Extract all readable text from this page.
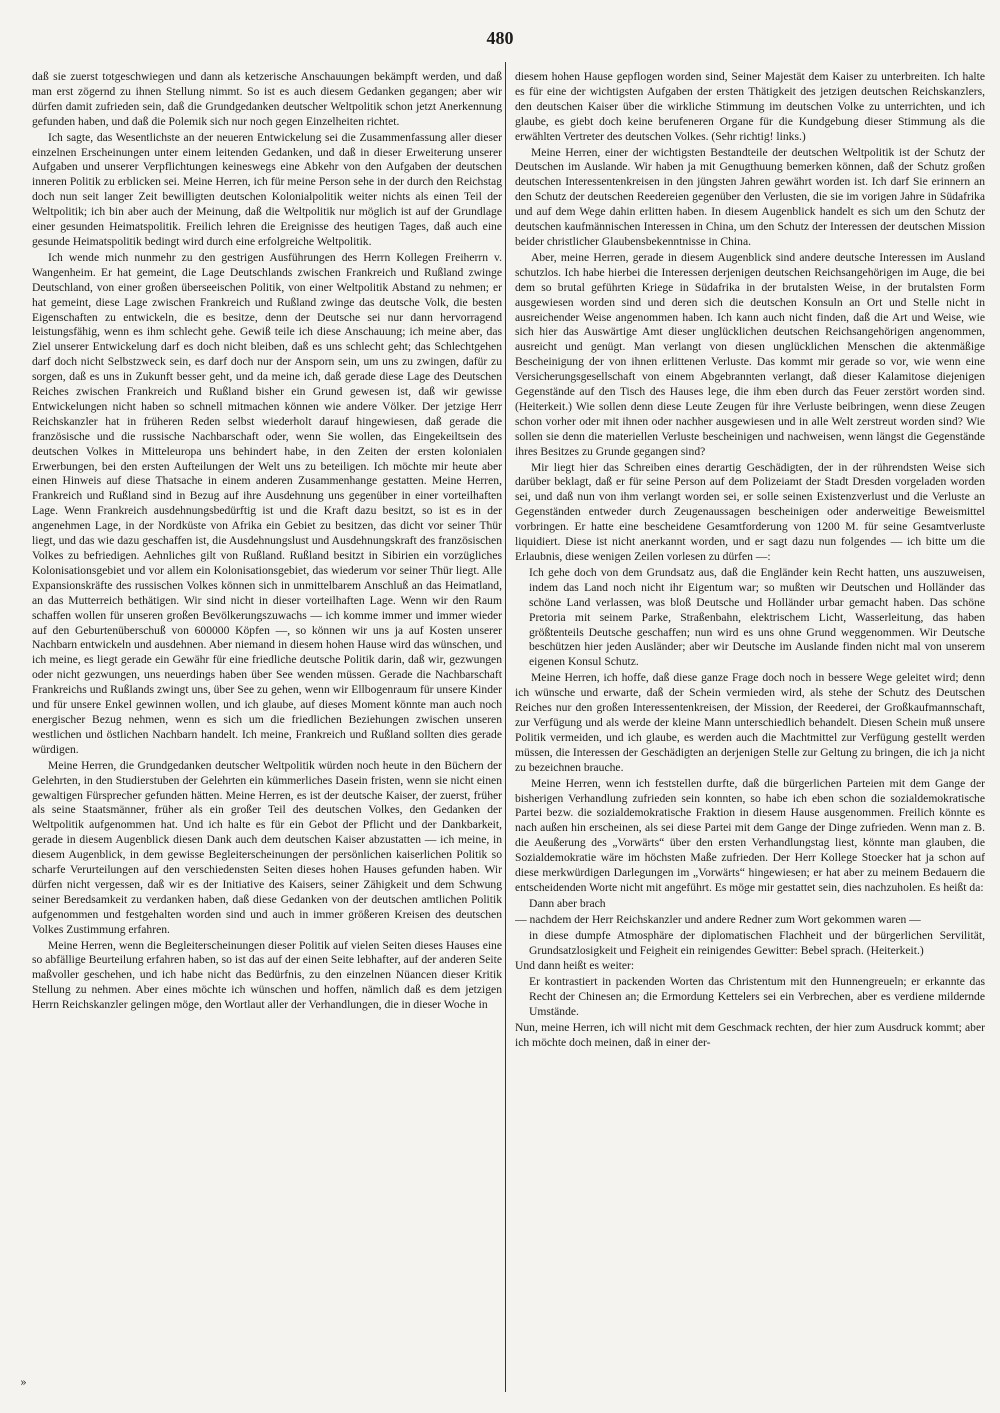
480

daß sie zuerst totgeschwiegen und dann als ketzerische Anschauungen bekämpft werden, und daß man erst zögernd zu ihnen Stellung nimmt. So ist es auch diesem Gedanken gegangen; aber wir dürfen damit zufrieden sein, daß die Grundgedanken deutscher Weltpolitik schon jetzt Anerkennung gefunden haben, und daß die Polemik sich nur noch gegen Einzelheiten richtet.

Ich sagte, das Wesentlichste an der neueren Entwickelung sei die Zusammenfassung aller dieser einzelnen Erscheinungen unter einem leitenden Gedanken, und daß in dieser Erweiterung unserer Aufgaben und unserer Verpflichtungen keineswegs eine Abkehr von den Aufgaben der deutschen inneren Politik zu erblicken sei. Meine Herren, ich für meine Person sehe in der durch den Reichstag doch nun seit langer Zeit bewilligten deutschen Kolonialpolitik weiter nichts als einen Teil der Weltpolitik; ich bin aber auch der Meinung, daß die Weltpolitik nur möglich ist auf der Grundlage einer gesunden Heimatspolitik. Freilich lehren die Ereignisse des heutigen Tages, daß auch eine gesunde Heimatspolitik bedingt wird durch eine erfolgreiche Weltpolitik.

Ich wende mich nunmehr zu den gestrigen Ausführungen des Herrn Kollegen Freiherrn v. Wangenheim. Er hat gemeint, die Lage Deutschlands zwischen Frankreich und Rußland zwinge Deutschland, von einer großen überseeischen Politik, von einer Weltpolitik Abstand zu nehmen; er hat gemeint, diese Lage zwischen Frankreich und Rußland zwinge das deutsche Volk, die besten Eigenschaften zu entwickeln, die es besitze, denn der Deutsche sei nur dann hervorragend leistungsfähig, wenn es ihm schlecht gehe. Gewiß teile ich diese Anschauung; ich meine aber, das Ziel unserer Entwickelung darf es doch nicht bleiben, daß es uns schlecht geht; das Schlechtgehen darf doch nicht Selbstzweck sein, es darf doch nur der Ansporn sein, um uns zu zwingen, dafür zu sorgen, daß es uns in Zukunft besser geht, und da meine ich, daß gerade diese Lage des Deutschen Reiches zwischen Frankreich und Rußland bisher ein Grund gewesen ist, daß wir gewisse Entwickelungen nicht haben so schnell mitmachen können wie andere Völker. Der jetzige Herr Reichskanzler hat in früheren Reden selbst wiederholt darauf hingewiesen, daß gerade die französische und die russische Nachbarschaft oder, wenn Sie wollen, das Eingekeiltsein des deutschen Volkes in Mitteleuropa uns behindert habe, in den Zeiten der ersten kolonialen Erwerbungen, bei den ersten Aufteilungen der Welt uns zu beteiligen. Ich möchte mir heute aber einen Hinweis auf diese Thatsache in einem anderen Zusammenhange gestatten. Meine Herren, Frankreich und Rußland sind in Bezug auf ihre Ausdehnung uns gegenüber in einer vorteilhaften Lage. Wenn Frankreich ausdehnungsbedürftig ist und die Kraft dazu besitzt, so ist es in der angenehmen Lage, in der Nordküste von Afrika ein Gebiet zu besitzen, das dicht vor seiner Thür liegt, und das wie dazu geschaffen ist, die Ausdehnungslust und Ausdehnungskraft des französischen Volkes zu befriedigen. Aehnliches gilt von Rußland. Rußland besitzt in Sibirien ein vorzügliches Kolonisationsgebiet und vor allem ein Kolonisationsgebiet, das wiederum vor seiner Thür liegt. Alle Expansionskräfte des russischen Volkes können sich in unmittelbarem Anschluß an das Heimatland, an das Mutterreich bethätigen. Wir sind nicht in dieser vorteilhaften Lage. Wenn wir den Raum schaffen wollen für unseren großen Bevölkerungszuwachs — ich komme immer und immer wieder auf den Geburtenüberschuß von 600000 Köpfen —, so können wir uns ja auf Kosten unserer Nachbarn entwickeln und ausdehnen. Aber niemand in diesem hohen Hause wird das wünschen, und ich meine, es liegt gerade ein Gewähr für eine friedliche deutsche Politik darin, daß wir, gezwungen oder nicht gezwungen, uns neuerdings haben über See wenden müssen. Gerade die Nachbarschaft Frankreichs und Rußlands zwingt uns, über See zu gehen, wenn wir Ellbogenraum für unsere Kinder und für unsere Enkel gewinnen wollen, und ich glaube, auf dieses Moment könnte man auch noch energischer Bezug nehmen, wenn es sich um die friedlichen Beziehungen zwischen unseren westlichen und östlichen Nachbarn handelt. Ich meine, Frankreich und Rußland sollten dies gerade würdigen.

Meine Herren, die Grundgedanken deutscher Weltpolitik würden noch heute in den Büchern der Gelehrten, in den Studierstuben der Gelehrten ein kümmerliches Dasein fristen, wenn sie nicht einen gewaltigen Fürsprecher gefunden hätten. Meine Herren, es ist der deutsche Kaiser, der zuerst, früher als seine Staatsmänner, früher als ein großer Teil des deutschen Volkes, den Gedanken der Weltpolitik aufgenommen hat. Und ich halte es für ein Gebot der Pflicht und der Dankbarkeit, gerade in diesem Augenblick diesen Dank auch dem deutschen Kaiser abzustatten — ich meine, in diesem Augenblick, in dem gewisse Begleiterscheinungen der persönlichen kaiserlichen Politik so scharfe Verurteilungen auf den verschiedensten Seiten dieses hohen Hauses gefunden haben. Wir dürfen nicht vergessen, daß wir es der Initiative des Kaisers, seiner Zähigkeit und dem Schwung seiner Beredsamkeit zu verdanken haben, daß diese Gedanken von der deutschen amtlichen Politik aufgenommen und festgehalten worden sind und auch in immer größeren Kreisen des deutschen Volkes Zustimmung erfahren.

Meine Herren, wenn die Begleiterscheinungen dieser Politik auf vielen Seiten dieses Hauses eine so abfällige Beurteilung erfahren haben, so ist das auf der einen Seite lebhafter, auf der anderen Seite maßvoller geschehen, und ich habe nicht das Bedürfnis, zu den einzelnen Nüancen dieser Kritik Stellung zu nehmen. Aber eines möchte ich wünschen und hoffen, nämlich daß es dem jetzigen Herrn Reichskanzler gelingen möge, den Wortlaut aller der Verhandlungen, die in dieser Woche in

diesem hohen Hause gepflogen worden sind, Seiner Majestät dem Kaiser zu unterbreiten. Ich halte es für eine der wichtigsten Aufgaben der ersten Thätigkeit des jetzigen deutschen Reichskanzlers, den deutschen Kaiser über die wirkliche Stimmung im deutschen Volke zu unterrichten, und ich glaube, es giebt doch keine berufeneren Organe für die Kundgebung dieser Stimmung als die erwählten Vertreter des deutschen Volkes. (Sehr richtig! links.)

Meine Herren, einer der wichtigsten Bestandteile der deutschen Weltpolitik ist der Schutz der Deutschen im Auslande. Wir haben ja mit Genugthuung bemerken können, daß der Schutz großen deutschen Interessentenkreisen in den jüngsten Jahren gewährt worden ist. Ich darf Sie erinnern an den Schutz der deutschen Reedereien gegenüber den Verlusten, die sie im vorigen Jahre in Südafrika und auf dem Wege dahin erlitten haben. In diesem Augenblick handelt es sich um den Schutz der deutschen kaufmännischen Interessen in China, um den Schutz der Interessen der deutschen Mission beider christlicher Glaubensbekenntnisse in China.

Aber, meine Herren, gerade in diesem Augenblick sind andere deutsche Interessen im Ausland schutzlos. Ich habe hierbei die Interessen derjenigen deutschen Reichsangehörigen im Auge, die bei dem so brutal geführten Kriege in Südafrika in der brutalsten Weise, in der brutalsten Form ausgewiesen worden sind und deren sich die deutschen Konsuln an Ort und Stelle nicht in ausreichender Weise angenommen haben. Ich kann auch nicht finden, daß die Art und Weise, wie sich hier das Auswärtige Amt dieser unglücklichen deutschen Reichsangehörigen angenommen, ausreicht und genügt. Man verlangt von diesen unglücklichen Menschen die aktenmäßige Bescheinigung der von ihnen erlittenen Verluste. Das kommt mir gerade so vor, wie wenn eine Versicherungsgesellschaft von einem Abgebrannten verlangt, daß dieser Kalamitose diejenigen Gegenstände auf den Tisch des Hauses lege, die ihm eben durch das Feuer zerstört worden sind. (Heiterkeit.) Wie sollen denn diese Leute Zeugen für ihre Verluste beibringen, wenn diese Zeugen schon vorher oder mit ihnen oder nachher ausgewiesen und in alle Welt zerstreut worden sind? Wie sollen sie denn die materiellen Verluste bescheinigen und nachweisen, wenn längst die Gegenstände ihres Besitzes zu Grunde gegangen sind?

Mir liegt hier das Schreiben eines derartig Geschädigten, der in der rührendsten Weise sich darüber beklagt, daß er für seine Person auf dem Polizeiamt der Stadt Dresden vorgeladen worden sei, und daß nun von ihm verlangt worden sei, er solle seinen Existenzverlust und die Verluste an Gegenständen entweder durch Zeugenaussagen bescheinigen oder anderweitige Beweismittel vorbringen. Er hatte eine bescheidene Gesamtforderung von 1200 M. für seine Gesamtverluste liquidiert. Diese ist nicht anerkannt worden, und er sagt dazu nun folgendes — ich bitte um die Erlaubnis, diese wenigen Zeilen vorlesen zu dürfen —:

Ich gehe doch von dem Grundsatz aus, daß die Engländer kein Recht hatten, uns auszuweisen, indem das Land noch nicht ihr Eigentum war; so mußten wir Deutschen und Holländer das schöne Land verlassen, was bloß Deutsche und Holländer urbar gemacht haben. Das schöne Pretoria mit seinem Parke, Straßenbahn, elektrischem Licht, Wasserleitung, das haben größtenteils Deutsche geschaffen; nun wird es uns ohne Grund weggenommen. Wir Deutsche beschützen hier jeden Ausländer; aber wir Deutsche im Auslande finden nicht mal von unserem eigenen Konsul Schutz.

Meine Herren, ich hoffe, daß diese ganze Frage doch noch in bessere Wege geleitet wird; denn ich wünsche und erwarte, daß der Schein vermieden wird, als stehe der Schutz des Deutschen Reiches nur den großen Interessentenkreisen, der Mission, der Reederei, der Großkaufmannschaft, zur Verfügung und als werde der kleine Mann unterschiedlich behandelt. Diesen Schein muß unsere Politik vermeiden, und ich glaube, es werden auch die Machtmittel zur Verfügung gestellt werden müssen, die Interessen der Geschädigten an derjenigen Stelle zur Geltung zu bringen, die ich ja nicht zu bezeichnen brauche.

Meine Herren, wenn ich feststellen durfte, daß die bürgerlichen Parteien mit dem Gange der bisherigen Verhandlung zufrieden sein konnten, so habe ich eben schon die sozialdemokratische Partei bezw. die sozialdemokratische Fraktion in diesem Hause ausgenommen. Freilich könnte es nach außen hin erscheinen, als sei diese Partei mit dem Gange der Dinge zufrieden. Wenn man z. B. die Aeußerung des „Vorwärts“ über den ersten Verhandlungstag liest, könnte man glauben, die Sozialdemokratie wäre im höchsten Maße zufrieden. Der Herr Kollege Stoecker hat ja schon auf diese merkwürdigen Darlegungen im „Vorwärts“ hingewiesen; er hat aber zu meinem Bedauern die entscheidenden Worte nicht mit angeführt. Es möge mir gestattet sein, dies nachzuholen. Es heißt da:

Dann aber brach

— nachdem der Herr Reichskanzler und andere Redner zum Wort gekommen waren —

in diese dumpfe Atmosphäre der diplomatischen Flachheit und der bürgerlichen Servilität, Grundsatzlosigkeit und Feigheit ein reinigendes Gewitter: Bebel sprach. (Heiterkeit.)

Und dann heißt es weiter:

Er kontrastiert in packenden Worten das Christentum mit den Hunnengreueln; er erkannte das Recht der Chinesen an; die Ermordung Kettelers sei ein Verbrechen, aber es verdiene mildernde Umstände.

Nun, meine Herren, ich will nicht mit dem Geschmack rechten, der hier zum Ausdruck kommt; aber ich möchte doch meinen, daß in einer der-

»
